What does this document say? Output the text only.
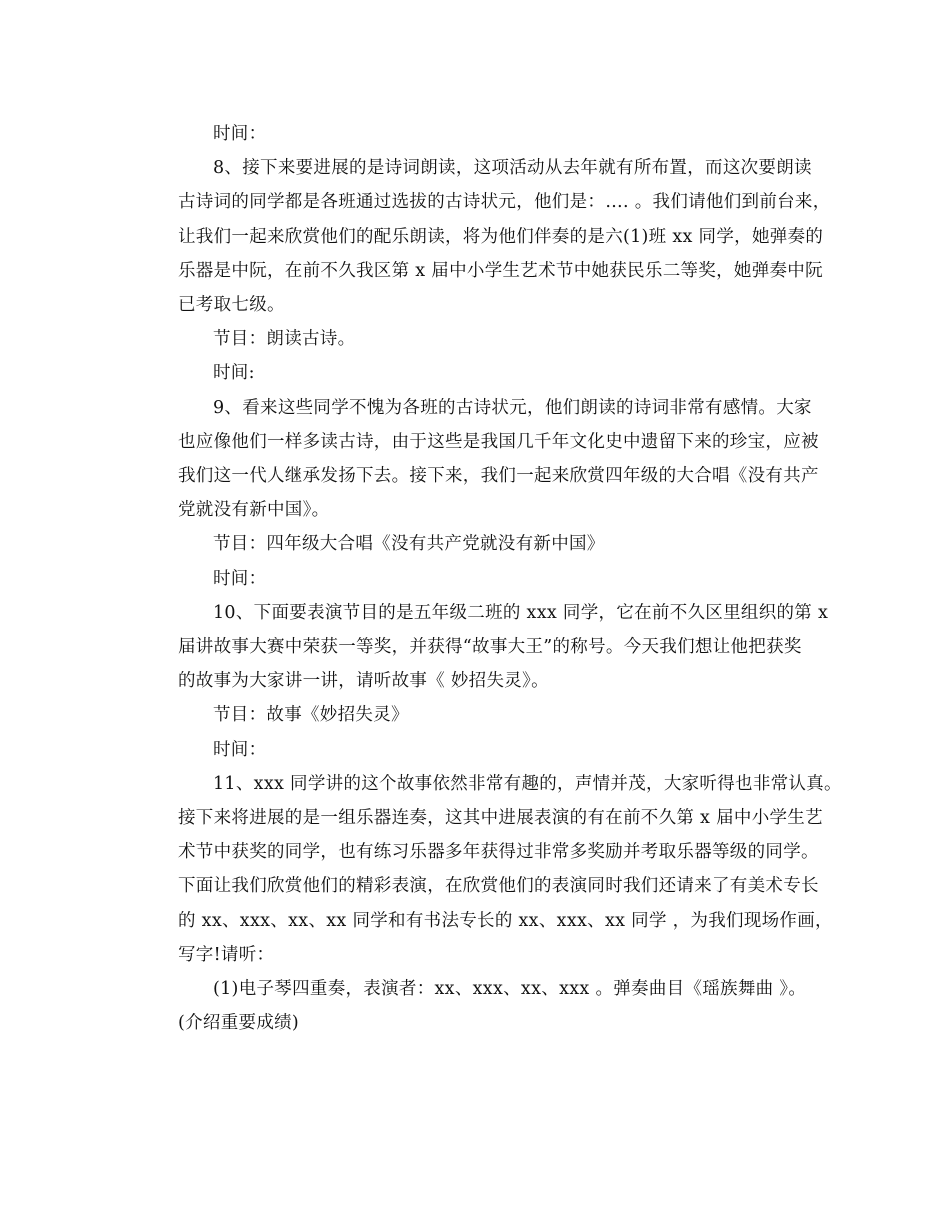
时间：
8、接下来要进展的是诗词朗读，这项活动从去年就有所布置，而这次要朗读
古诗词的同学都是各班通过选拔的古诗状元，他们是：…. 。我们请他们到前台来，
让我们一起来欣赏他们的配乐朗读，将为他们伴奏的是六(1)班 xx 同学，她弹奏的
乐器是中阮，在前不久我区第 x 届中小学生艺术节中她获民乐二等奖，她弹奏中阮
已考取七级。
节目：朗读古诗。
时间:
9、看来这些同学不愧为各班的古诗状元，他们朗读的诗词非常有感情。大家
也应像他们一样多读古诗，由于这些是我国几千年文化史中遗留下来的珍宝，应被
我们这一代人继承发扬下去。接下来，我们一起来欣赏四年级的大合唱《没有共产
党就没有新中国》。
节目：四年级大合唱《没有共产党就没有新中国》
时间：
10、下面要表演节目的是五年级二班的 xxx 同学，它在前不久区里组织的第 x
届讲故事大赛中荣获一等奖，并获得“故事大王”的称号。今天我们想让他把获奖
的故事为大家讲一讲，请听故事《 妙招失灵》。
节目：故事《妙招失灵》
时间：
11、xxx 同学讲的这个故事依然非常有趣的，声情并茂，大家听得也非常认真。
接下来将进展的是一组乐器连奏，这其中进展表演的有在前不久第 x 届中小学生艺
术节中获奖的同学，也有练习乐器多年获得过非常多奖励并考取乐器等级的同学。
下面让我们欣赏他们的精彩表演，在欣赏他们的表演同时我们还请来了有美术专长
的 xx、xxx、xx、xx 同学和有书法专长的 xx、xxx、xx 同学 ，为我们现场作画，
写字!请听：
(1)电子琴四重奏，表演者：xx、xxx、xx、xxx 。弹奏曲目《瑶族舞曲 》。
(介绍重要成绩)
